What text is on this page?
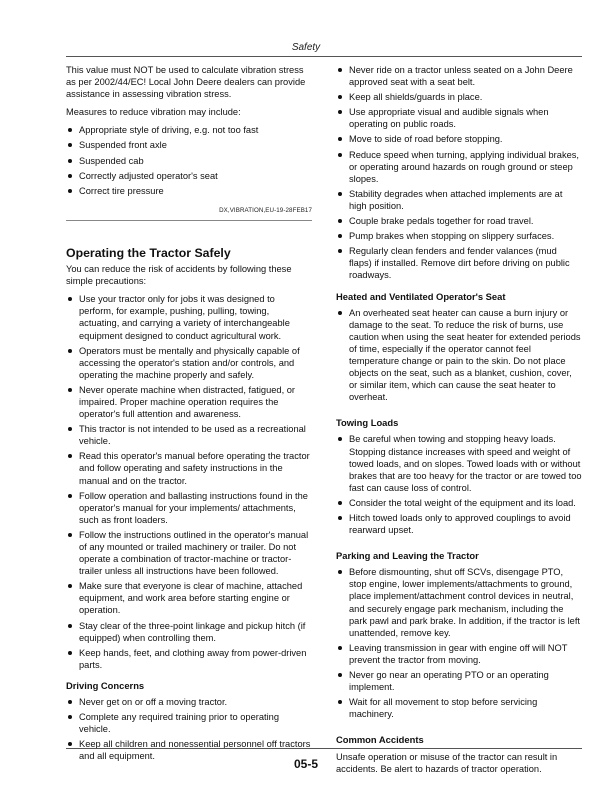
Safety

This value must NOT be used to calculate vibration stress as per 2002/44/EC! Local John Deere dealers can provide assistance in assessing vibration stress.

Measures to reduce vibration may include:

Appropriate style of driving, e.g. not too fast
Suspended front axle
Suspended cab
Correctly adjusted operator's seat
Correct tire pressure
DX,VIBRATION,EU-19-28FEB17
Operating the Tractor Safely

You can reduce the risk of accidents by following these simple precautions:

Use your tractor only for jobs it was designed to perform, for example, pushing, pulling, towing, actuating, and carrying a variety of interchangeable equipment designed to conduct agricultural work.
Operators must be mentally and physically capable of accessing the operator's station and/or controls, and operating the machine properly and safely.
Never operate machine when distracted, fatigued, or impaired. Proper machine operation requires the operator's full attention and awareness.
This tractor is not intended to be used as a recreational vehicle.
Read this operator's manual before operating the tractor and follow operating and safety instructions in the manual and on the tractor.
Follow operation and ballasting instructions found in the operator's manual for your implements/ attachments, such as front loaders.
Follow the instructions outlined in the operator's manual of any mounted or trailed machinery or trailer. Do not operate a combination of tractor-machine or tractor-trailer unless all instructions have been followed.
Make sure that everyone is clear of machine, attached equipment, and work area before starting engine or operation.
Stay clear of the three-point linkage and pickup hitch (if equipped) when controlling them.
Keep hands, feet, and clothing away from power-driven parts.
Driving Concerns
Never get on or off a moving tractor.
Complete any required training prior to operating vehicle.
Keep all children and nonessential personnel off tractors and all equipment.
Never ride on a tractor unless seated on a John Deere approved seat with a seat belt.
Keep all shields/guards in place.
Use appropriate visual and audible signals when operating on public roads.
Move to side of road before stopping.
Reduce speed when turning, applying individual brakes, or operating around hazards on rough ground or steep slopes.
Stability degrades when attached implements are at high position.
Couple brake pedals together for road travel.
Pump brakes when stopping on slippery surfaces.
Regularly clean fenders and fender valances (mud flaps) if installed. Remove dirt before driving on public roadways.
Heated and Ventilated Operator's Seat
An overheated seat heater can cause a burn injury or damage to the seat. To reduce the risk of burns, use caution when using the seat heater for extended periods of time, especially if the operator cannot feel temperature change or pain to the skin. Do not place objects on the seat, such as a blanket, cushion, cover, or similar item, which can cause the seat heater to overheat.
Towing Loads
Be careful when towing and stopping heavy loads. Stopping distance increases with speed and weight of towed loads, and on slopes. Towed loads with or without brakes that are too heavy for the tractor or are towed too fast can cause loss of control.
Consider the total weight of the equipment and its load.
Hitch towed loads only to approved couplings to avoid rearward upset.
Parking and Leaving the Tractor
Before dismounting, shut off SCVs, disengage PTO, stop engine, lower implements/attachments to ground, place implement/attachment control devices in neutral, and securely engage park mechanism, including the park pawl and park brake. In addition, if the tractor is left unattended, remove key.
Leaving transmission in gear with engine off will NOT prevent the tractor from moving.
Never go near an operating PTO or an operating implement.
Wait for all movement to stop before servicing machinery.
Common Accidents

Unsafe operation or misuse of the tractor can result in accidents. Be alert to hazards of tractor operation.

05-5
